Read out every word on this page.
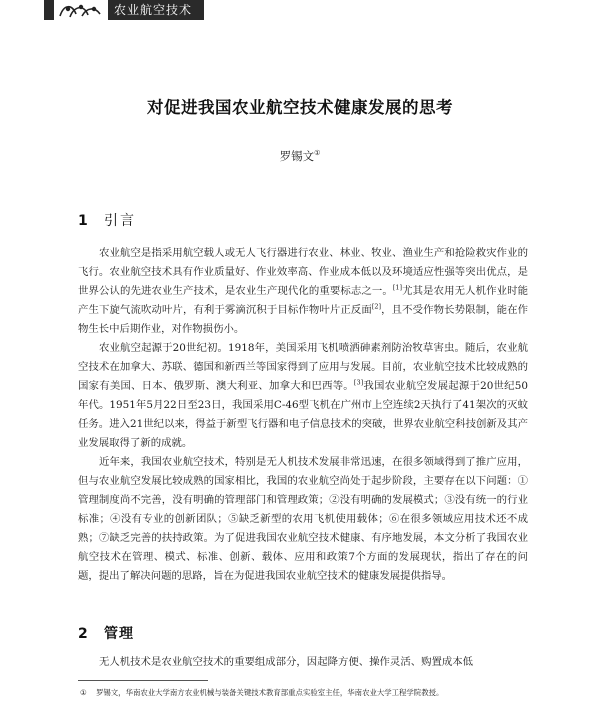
农业航空技术
对促进我国农业航空技术健康发展的思考
罗锡文①
1 引言

农业航空是指采用航空载人或无人飞行器进行农业、林业、牧业、渔业生产和抢险救灾作业的飞行。农业航空技术具有作业质量好、作业效率高、作业成本低以及环境适应性强等突出优点，是世界公认的先进农业生产技术，是农业生产现代化的重要标志之一。[1]尤其是农用无人机作业时能产生下旋气流吹动叶片，有利于雾滴沉积于目标作物叶片正反面[2]，且不受作物长势限制，能在作物生长中后期作业，对作物损伤小。

农业航空起源于20世纪初。1918年，美国采用飞机喷洒砷素剂防治牧草害虫。随后，农业航空技术在加拿大、苏联、德国和新西兰等国家得到了应用与发展。目前，农业航空技术比较成熟的国家有美国、日本、俄罗斯、澳大利亚、加拿大和巴西等。[3]我国农业航空发展起源于20世纪50年代。1951年5月22日至23日，我国采用C-46型飞机在广州市上空连续2天执行了41架次的灭蚊任务。进入21世纪以来，得益于新型飞行器和电子信息技术的突破，世界农业航空科技创新及其产业发展取得了新的成就。

近年来，我国农业航空技术，特别是无人机技术发展非常迅速，在很多领域得到了推广应用，但与农业航空发展比较成熟的国家相比，我国的农业航空尚处于起步阶段，主要存在以下问题：①管理制度尚不完善，没有明确的管理部门和管理政策；②没有明确的发展模式；③没有统一的行业标准；④没有专业的创新团队；⑤缺乏新型的农用飞机使用载体；⑥在很多领域应用技术还不成熟；⑦缺乏完善的扶持政策。为了促进我国农业航空技术健康、有序地发展，本文分析了我国农业航空技术在管理、模式、标准、创新、载体、应用和政策7个方面的发展现状，指出了存在的问题，提出了解决问题的思路，旨在为促进我国农业航空技术的健康发展提供指导。

2 管理

无人机技术是农业航空技术的重要组成部分，因起降方便、操作灵活、购置成本低

① 罗锡文，华南农业大学南方农业机械与装备关键技术教育部重点实验室主任，华南农业大学工程学院教授。
